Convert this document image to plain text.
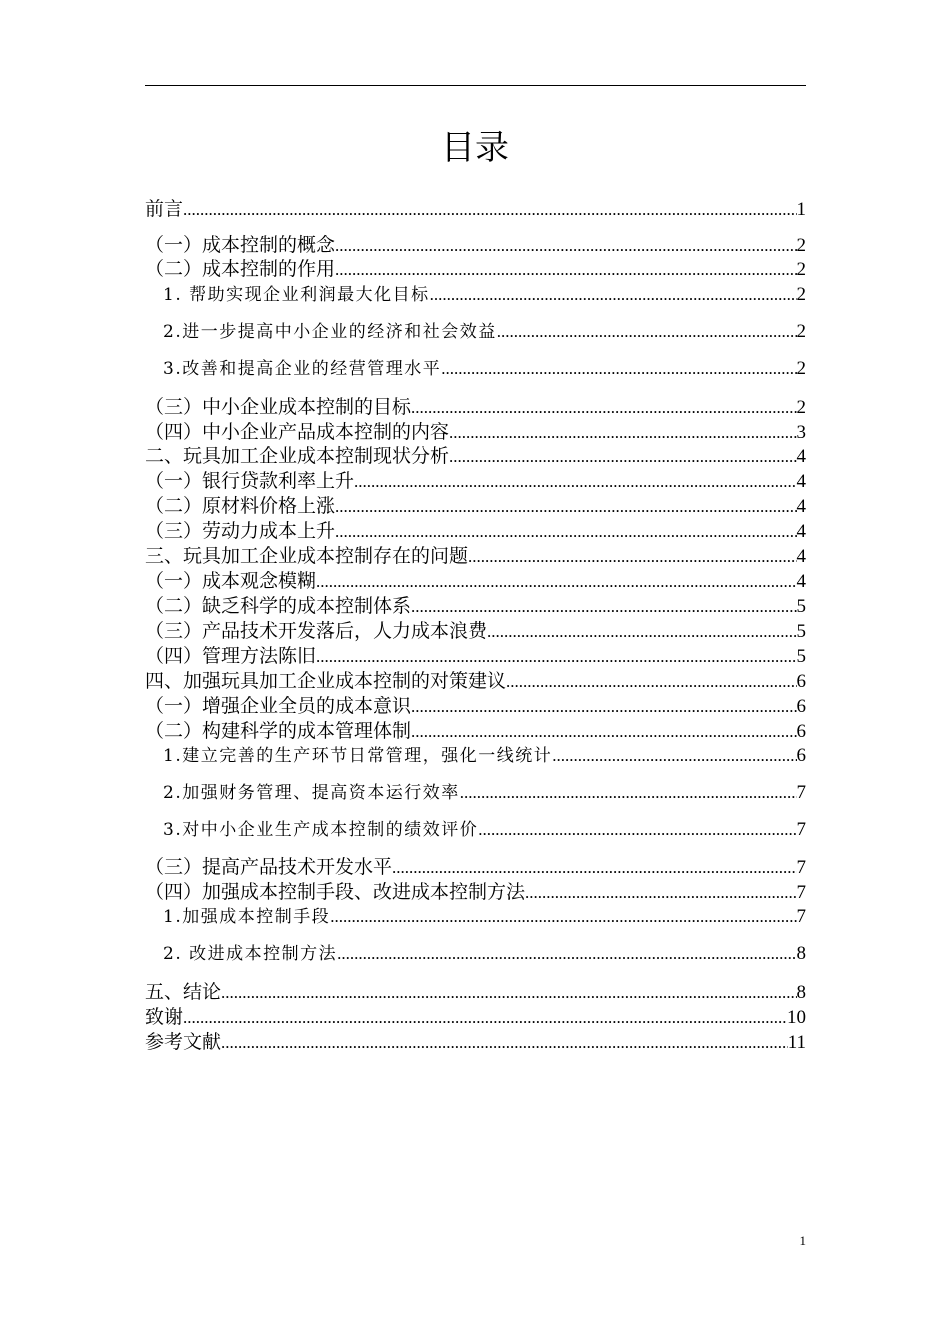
目录
前言 .....	1
（一）成本控制的概念 .....	2
（二）成本控制的作用 .....	2
1. 帮助实现企业利润最大化目标 .....	2
2.进一步提高中小企业的经济和社会效益 .....	2
3.改善和提高企业的经营管理水平 .....	2
（三）中小企业成本控制的目标 .....	2
（四）中小企业产品成本控制的内容 .....	3
二、玩具加工企业成本控制现状分析 .....	4
（一）银行贷款利率上升 .....	4
（二）原材料价格上涨 .....	4
（三）劳动力成本上升 .....	4
三、玩具加工企业成本控制存在的问题 .....	4
（一）成本观念模糊 .....	4
（二）缺乏科学的成本控制体系 .....	5
（三）产品技术开发落后，人力成本浪费 .....	5
（四）管理方法陈旧 .....	5
四、加强玩具加工企业成本控制的对策建议 .....	6
（一）增强企业全员的成本意识 .....	6
（二）构建科学的成本管理体制 .....	6
1.建立完善的生产环节日常管理，强化一线统计 .....	6
2.加强财务管理、提高资本运行效率 .....	7
3.对中小企业生产成本控制的绩效评价 .....	7
（三）提高产品技术开发水平 .....	7
（四）加强成本控制手段、改进成本控制方法 .....	7
1.加强成本控制手段 .....	7
2. 改进成本控制方法 .....	8
五、结论 .....	8
致谢 .....	10
参考文献 .....	11
1
